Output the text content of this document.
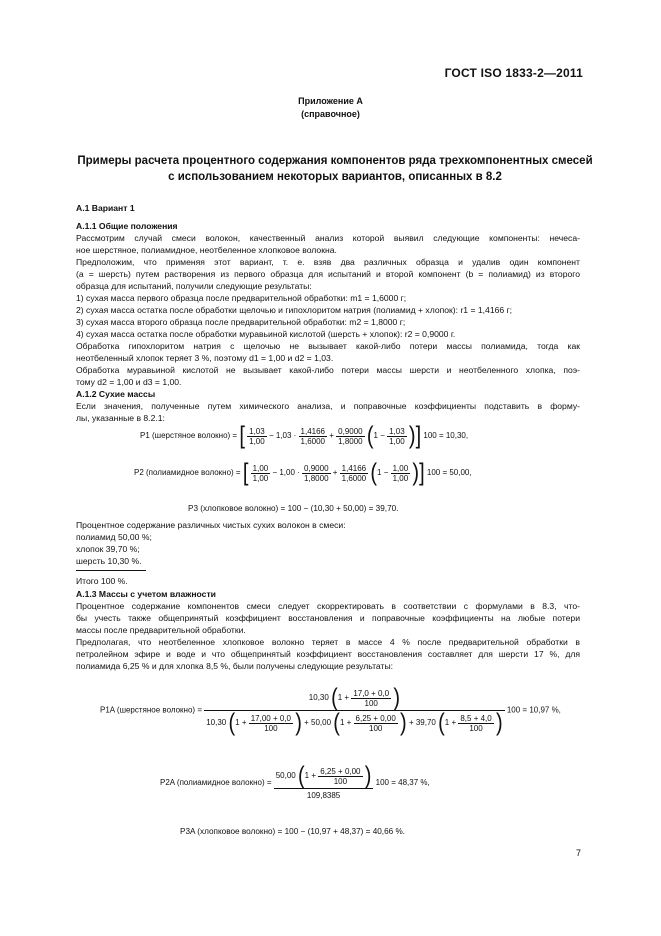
ГОСТ ISO 1833-2—2011
Приложение А
(справочное)
Примеры расчета процентного содержания компонентов ряда трехкомпонентных смесей
с использованием некоторых вариантов, описанных в 8.2
А.1 Вариант 1
А.1.1 Общие положения
Рассмотрим случай смеси волокон, качественный анализ которой выявил следующие компоненты: нечеса-
ное шерстяное, полиамидное, неотбеленное хлопковое волокна.
Предположим, что применяя этот вариант, т. е. взяв два различных образца и удалив один компонент
(a = шерсть) путем растворения из первого образца для испытаний и второй компонент (b = полиамид) из второго
образца для испытаний, получили следующие результаты:
1) сухая масса первого образца после предварительной обработки: m1 = 1,6000 г;
2) сухая масса остатка после обработки щелочью и гипохлоритом натрия (полиамид + хлопок): r1 = 1,4166 г;
3) сухая масса второго образца после предварительной обработки: m2 = 1,8000 г;
4) сухая масса остатка после обработки муравьиной кислотой (шерсть + хлопок): r2 = 0,9000 г.
Обработка гипохлоритом натрия с щелочью не вызывает какой-либо потери массы полиамида, тогда как
неотбеленный хлопок теряет 3 %, поэтому d1 = 1,00 и d2 = 1,03.
Обработка муравьиной кислотой не вызывает какой-либо потери массы шерсти и неотбеленного хлопка, поэ-
тому d2 = 1,00 и d3 = 1,00.
А.1.2 Сухие массы
Если значения, полученные путем химического анализа, и поправочные коэффициенты подставить в форму-
лы, указанные в 8.2.1:
P1 (шерстяное волокно) = [ $\frac{1,03}{1,00} - 1,03 \cdot \frac{1,4166}{1,6000} + \frac{0,9000}{1,8000} (1 - \frac{1,03}{1,00}$ )] 100 = 10,30,
P2 (полиамидное волокно) = [ $\frac{1,00}{1,00} - 1,00 \cdot \frac{0,9000}{1,8000} + \frac{1,4166}{1,6000} (1 - \frac{1,00}{1,00}$ )] 100 = 50,00,
P3 (хлопковое волокно) = 100 − (10,30 + 50,00) = 39,70.
Процентное содержание различных чистых сухих волокон в смеси:
полиамид 50,00 %;
хлопок 39,70 %;
шерсть 10,30 %.
Итого 100 %.
А.1.3 Массы с учетом влажности
Процентное содержание компонентов смеси следует скорректировать в соответствии с формулами в 8.3, что-
бы учесть также общепринятый коэффициент восстановления и поправочные коэффициенты на любые потери
массы после предварительной обработки.
Предполагая, что неотбеленное хлопковое волокно теряет в массе 4 % после предварительной обработки в
петролейном эфире и воде и что общепринятый коэффициент восстановления составляет для шерсти 17 %, для
полиамида 6,25 % и для хлопка 8,5 %, были получены следующие результаты:
P1A (шерстяное волокно) =
10,30 ($1 + \frac{17,0 + 0,0}{100}$ )
10,30 ($1 + \frac{17,00 + 0,0}{100}$ ) + 50,00 ($1 + \frac{6,25 + 0,00}{100}$ ) + 39,70 ($1 + \frac{8,5 + 4,0}{100}$ ) 100 = 10,97 %,
P2A (полиамидное волокно) = $\frac{50,00 (1 + \frac{6,25 + 0,00}{100} )}{109,8385} 100 = 48,37$ %,
P3A (хлопковое волокно) = 100 − (10,97 + 48,37) = 40,66 %.
7
